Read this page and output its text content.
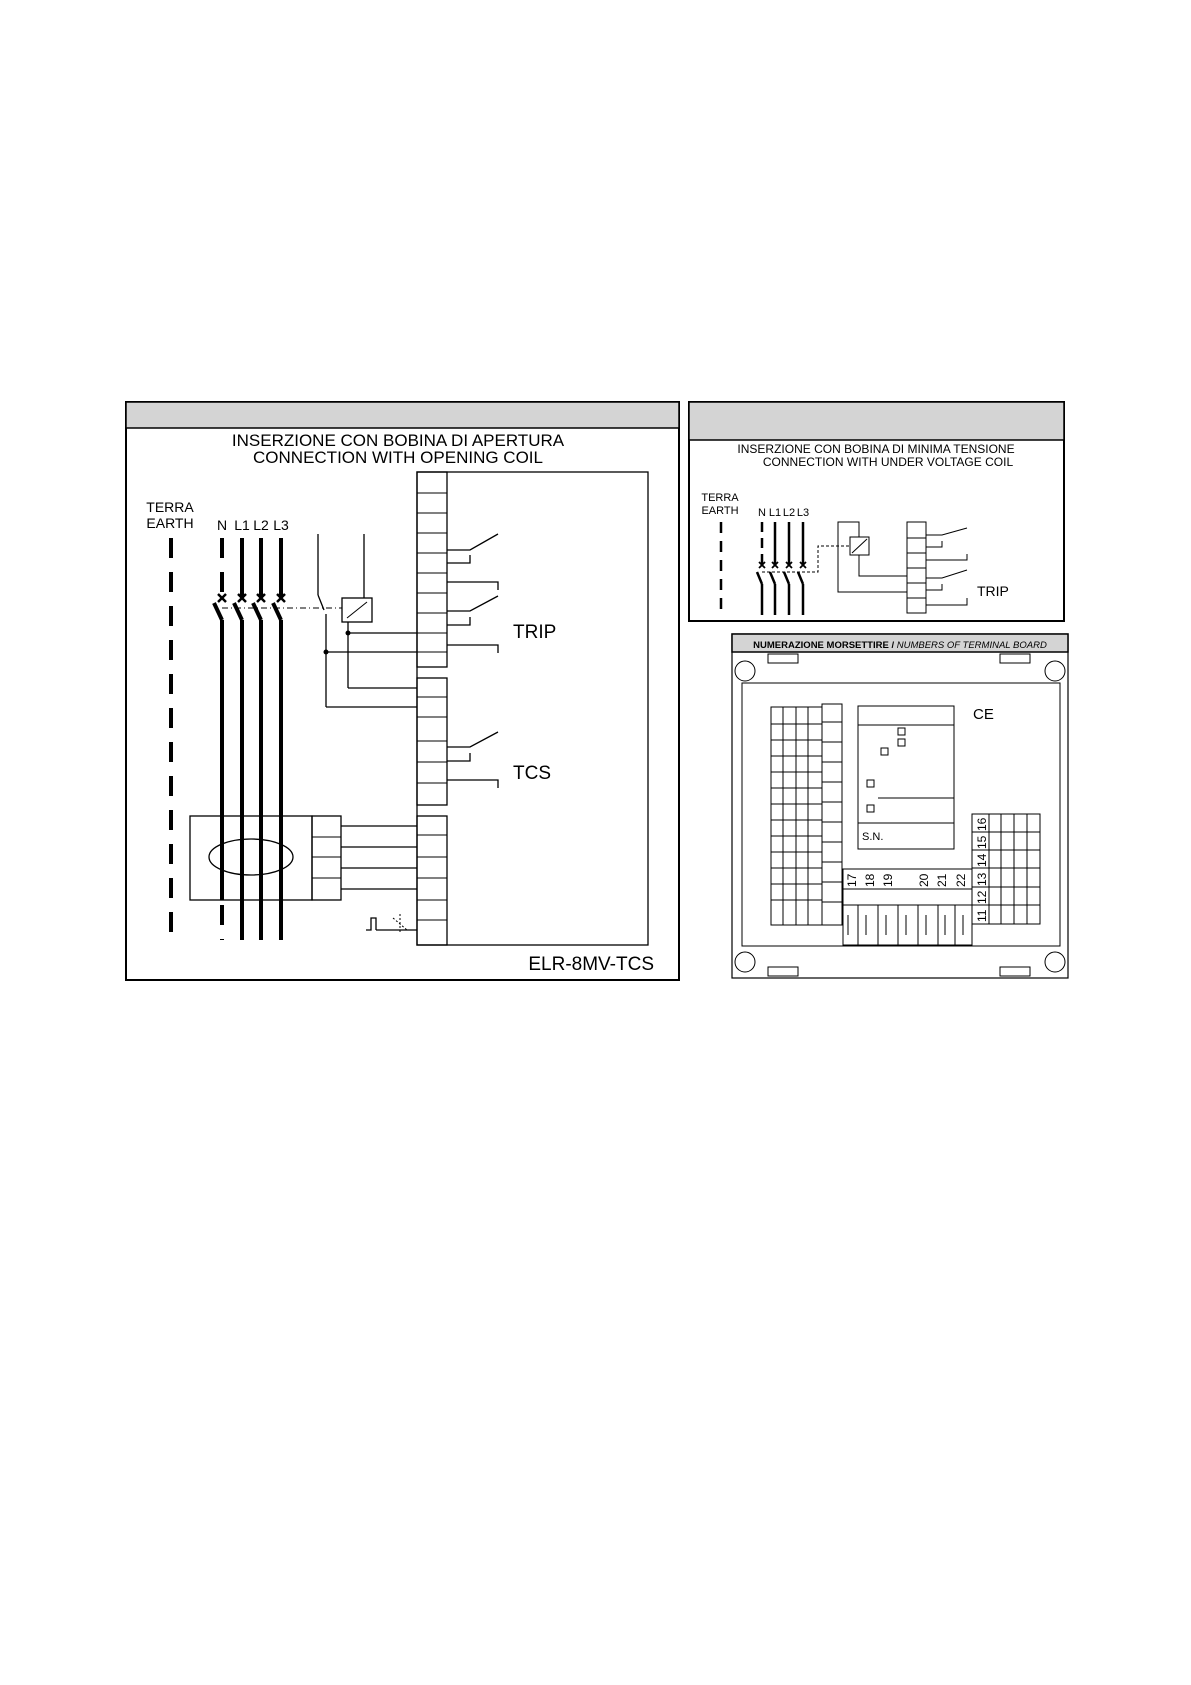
INSERZIONE CON BOBINA DI APERTURA
CONNECTION WITH OPENING COIL
TERRA
EARTH N L1 L2 L3
TRIP
TCS
ELR-8MV-TCS
INSERZIONE CON BOBINA DI MINIMA TENSIONE
CONNECTION WITH UNDER VOLTAGE COIL
TERRA
EARTH N L1 L2 L3
TRIP
NUMERAZIONE MORSETTIRE / NUMBERS OF TERMINAL BOARD
S.N.
CE
17 18 19 20 21 22
11
12
13
14
15
16
